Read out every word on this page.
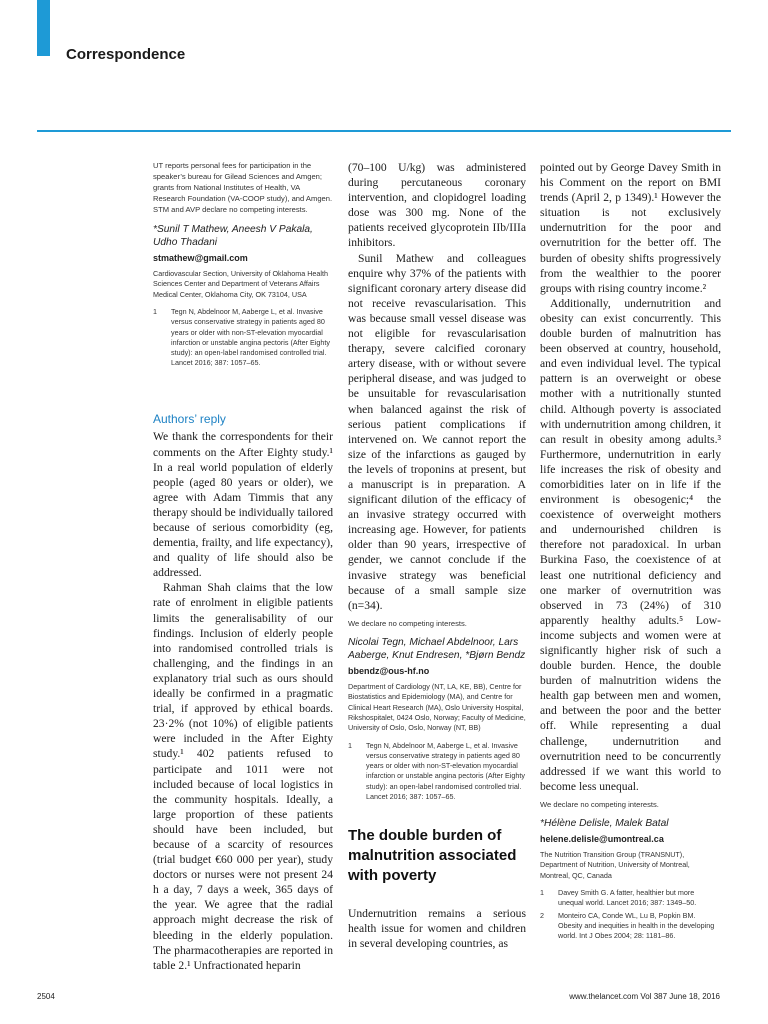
Correspondence

UT reports personal fees for participation in the speaker’s bureau for Gilead Sciences and Amgen; grants from National Institutes of Health, VA Research Foundation (VA-COOP study), and Amgen. STM and AVP declare no competing interests.

*Sunil T Mathew, Aneesh V Pakala, Udho Thadani

stmathew@gmail.com

Cardiovascular Section, University of Oklahoma Health Sciences Center and Department of Veterans Affairs Medical Center, Oklahoma City, OK 73104, USA

1	Tegn N, Abdelnoor M, Aaberge L, et al. Invasive versus conservative strategy in patients aged 80 years or older with non-ST-elevation myocardial infarction or unstable angina pectoris (After Eighty study): an open-label randomised controlled trial. Lancet 2016; 387: 1057–65.
Authors’ reply

We thank the correspondents for their comments on the After Eighty study.¹ In a real world population of elderly people (aged 80 years or older), we agree with Adam Timmis that any therapy should be individually tailored because of serious comorbidity (eg, dementia, frailty, and life expectancy), and quality of life should also be addressed.

Rahman Shah claims that the low rate of enrolment in eligible patients limits the generalisability of our findings. Inclusion of elderly people into randomised controlled trials is challenging, and the findings in an explanatory trial such as ours should ideally be confirmed in a pragmatic trial, if approved by ethical boards. 23·2% (not 10%) of eligible patients were included in the After Eighty study.¹ 402 patients refused to participate and 1011 were not included because of local logistics in the community hospitals. Ideally, a large proportion of these patients should have been included, but because of a scarcity of resources (trial budget €60 000 per year), study doctors or nurses were not present 24 h a day, 7 days a week, 365 days of the year. We agree that the radial approach might decrease the risk of bleeding in the elderly population. The pharmacotherapies are reported in table 2.¹ Unfractionated heparin

(70–100 U/kg) was administered during percutaneous coronary intervention, and clopidogrel loading dose was 300 mg. None of the patients received glycoprotein IIb/IIIa inhibitors.

Sunil Mathew and colleagues enquire why 37% of the patients with significant coronary artery disease did not receive revascularisation. This was because small vessel disease was not eligible for revascularisation therapy, severe calcified coronary artery disease, with or without severe peripheral disease, and was judged to be unsuitable for revascularisation when balanced against the risk of serious patient complications if intervened on. We cannot report the size of the infarctions as gauged by the levels of troponins at present, but a manuscript is in preparation. A significant dilution of the efficacy of an invasive strategy occurred with increasing age. However, for patients older than 90 years, irrespective of gender, we cannot conclude if the invasive strategy was beneficial because of a small sample size (n=34).

We declare no competing interests.

Nicolai Tegn, Michael Abdelnoor, Lars Aaberge, Knut Endresen, *Bjørn Bendz

bbendz@ous-hf.no

Department of Cardiology (NT, LA, KE, BB), Centre for Biostatistics and Epidemiology (MA), and Centre for Clinical Heart Research (MA), Oslo University Hospital, Rikshospitalet, 0424 Oslo, Norway; Faculty of Medicine, University of Oslo, Oslo, Norway (NT, BB)

1	Tegn N, Abdelnoor M, Aaberge L, et al. Invasive versus conservative strategy in patients aged 80 years or older with non-ST-elevation myocardial infarction or unstable angina pectoris (After Eighty study): an open-label randomised controlled trial. Lancet 2016; 387: 1057–65.
The double burden of malnutrition associated with poverty

Undernutrition remains a serious health issue for women and children in several developing countries, as

pointed out by George Davey Smith in his Comment on the report on BMI trends (April 2, p 1349).¹ However the situation is not exclusively undernutrition for the poor and overnutrition for the better off. The burden of obesity shifts progressively from the wealthier to the poorer groups with rising country income.²

Additionally, undernutrition and obesity can exist concurrently. This double burden of malnutrition has been observed at country, household, and even individual level. The typical pattern is an overweight or obese mother with a nutritionally stunted child. Although poverty is associated with undernutrition among children, it can result in obesity among adults.³ Furthermore, undernutrition in early life increases the risk of obesity and comorbidities later on in life if the environment is obesogenic;⁴ the coexistence of overweight mothers and undernourished children is therefore not paradoxical. In urban Burkina Faso, the coexistence of at least one nutritional deficiency and one marker of overnutrition was observed in 73 (24%) of 310 apparently healthy adults.⁵ Low-income subjects and women were at significantly higher risk of such a double burden. Hence, the double burden of malnutrition widens the health gap between men and women, and between the poor and the better off. While representing a dual challenge, undernutrition and overnutrition need to be concurrently addressed if we want this world to become less unequal.

We declare no competing interests.

*Hélène Delisle, Malek Batal

helene.delisle@umontreal.ca

The Nutrition Transition Group (TRANSNUT), Department of Nutrition, University of Montreal, Montreal, QC, Canada

1	Davey Smith G. A fatter, healthier but more unequal world. Lancet 2016; 387: 1349–50.
2	Monteiro CA, Conde WL, Lu B, Popkin BM. Obesity and inequities in health in the developing world. Int J Obes 2004; 28: 1181–86.
2504	www.thelancet.com Vol 387 June 18, 2016
